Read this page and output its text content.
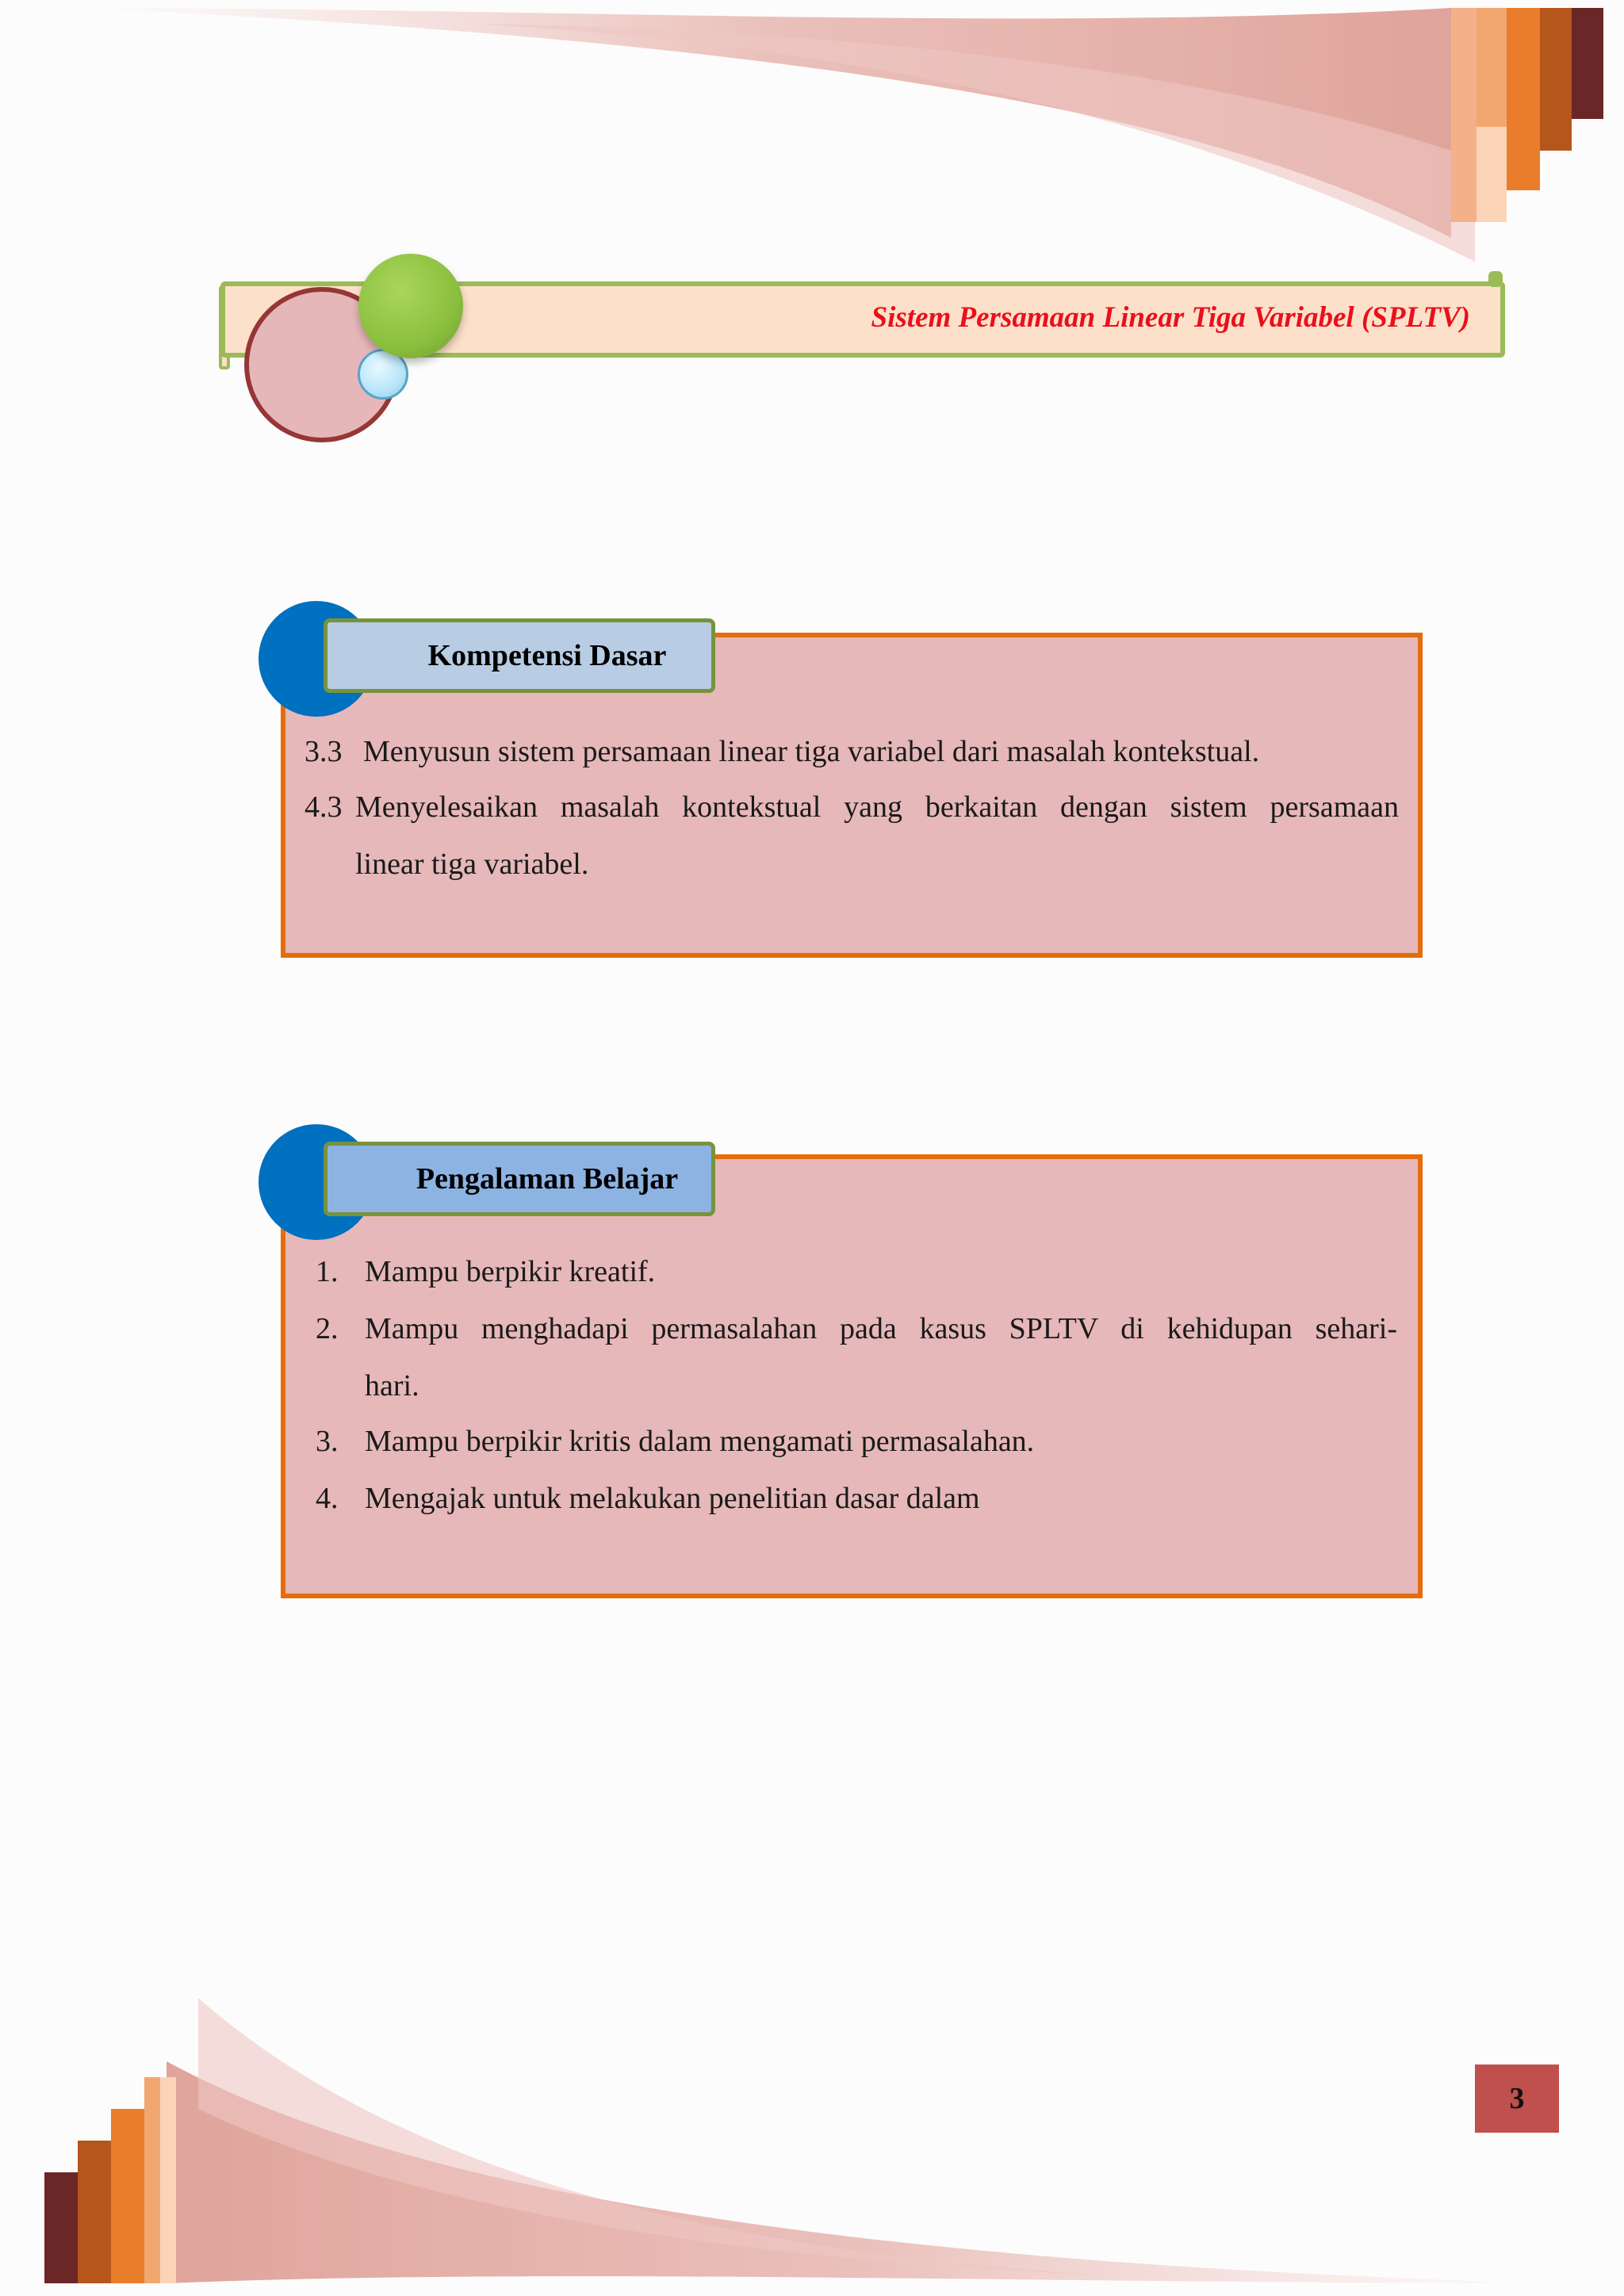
Sistem Persamaan Linear Tiga Variabel (SPLTV)
Kompetensi Dasar
3.3 Menyusun sistem persamaan linear tiga variabel dari masalah kontekstual.
4.3 Menyelesaikan masalah kontekstual yang berkaitan dengan sistem persamaan
linear tiga variabel.
Pengalaman Belajar
1. Mampu berpikir kreatif.
2. Mampu menghadapi permasalahan pada kasus SPLTV di kehidupan sehari-
hari.
3. Mampu berpikir kritis dalam mengamati permasalahan.
4. Mengajak untuk melakukan penelitian dasar dalam
3
